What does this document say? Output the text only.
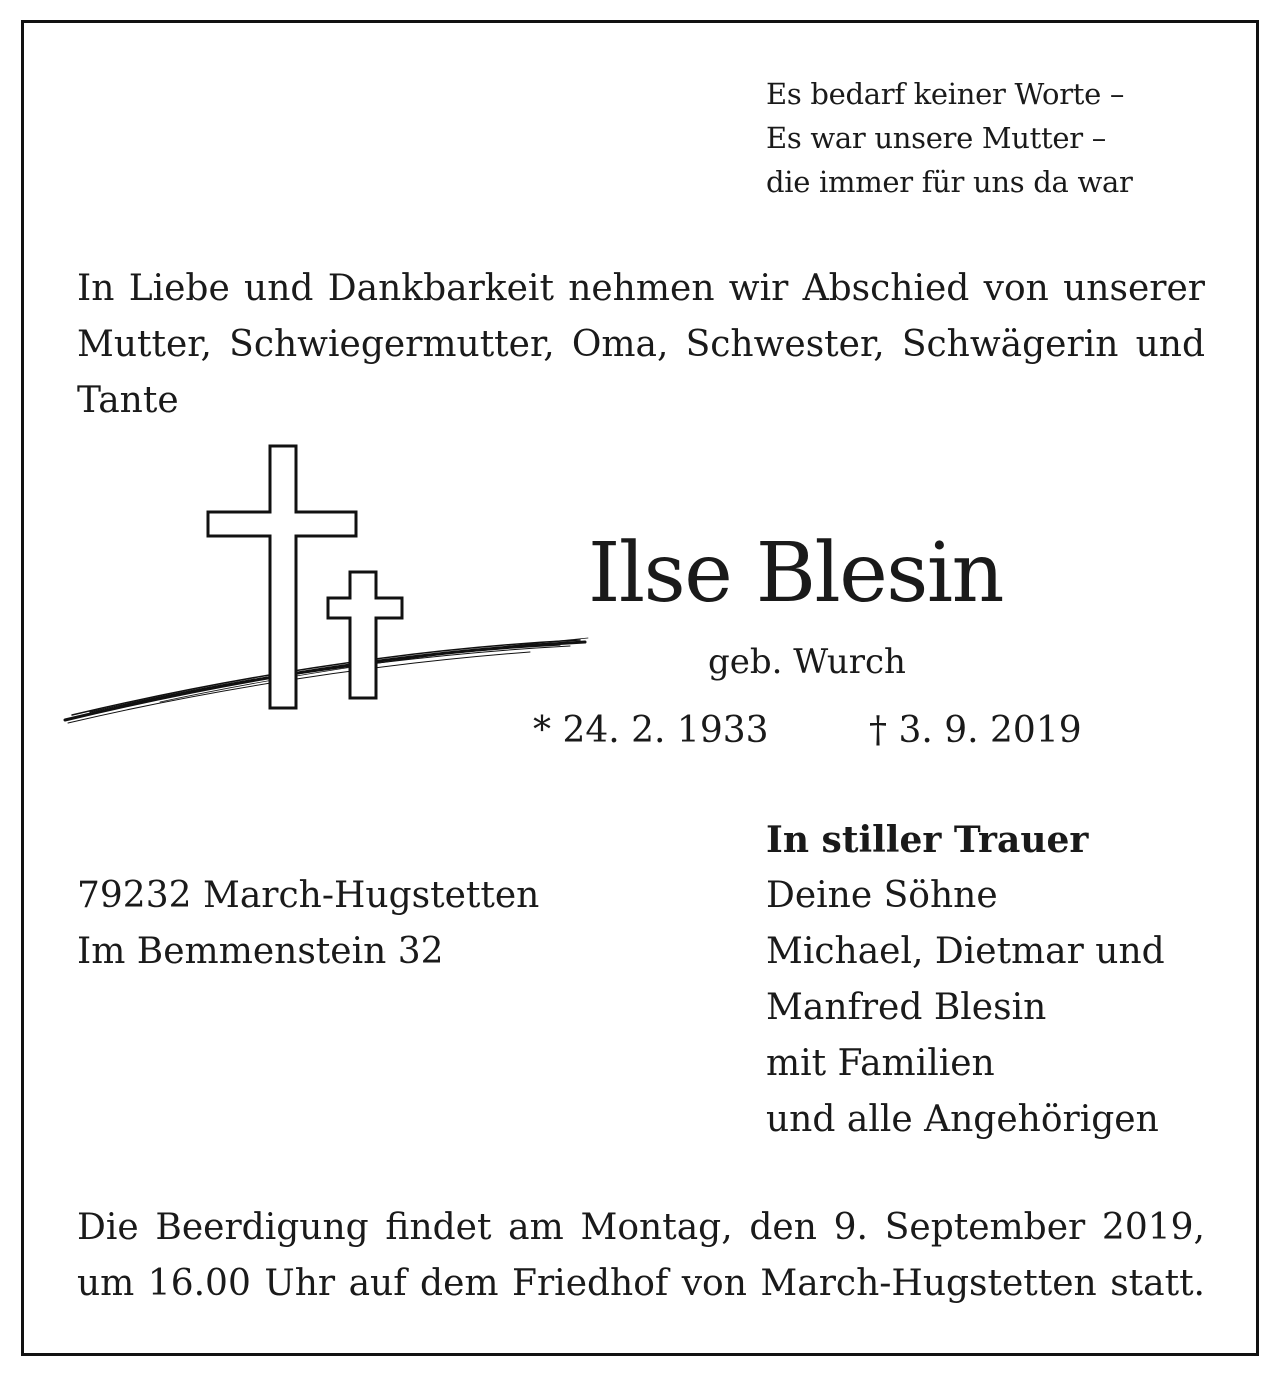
Es bedarf keiner Worte –
Es war unsere Mutter –
die immer für uns da war
In Liebe und Dankbarkeit nehmen wir Abschied von unserer
Mutter, Schwiegermutter, Oma, Schwester, Schwägerin und
Tante
Ilse Blesin
geb. Wurch
* 24. 2. 1933	† 3. 9. 2019
In stiller Trauer
Deine Söhne
Michael, Dietmar und
Manfred Blesin
mit Familien
und alle Angehörigen
79232 March-Hugstetten
Im Bemmenstein 32
Die Beerdigung findet am Montag, den 9. September 2019,
um 16.00 Uhr auf dem Friedhof von March-Hugstetten statt.
